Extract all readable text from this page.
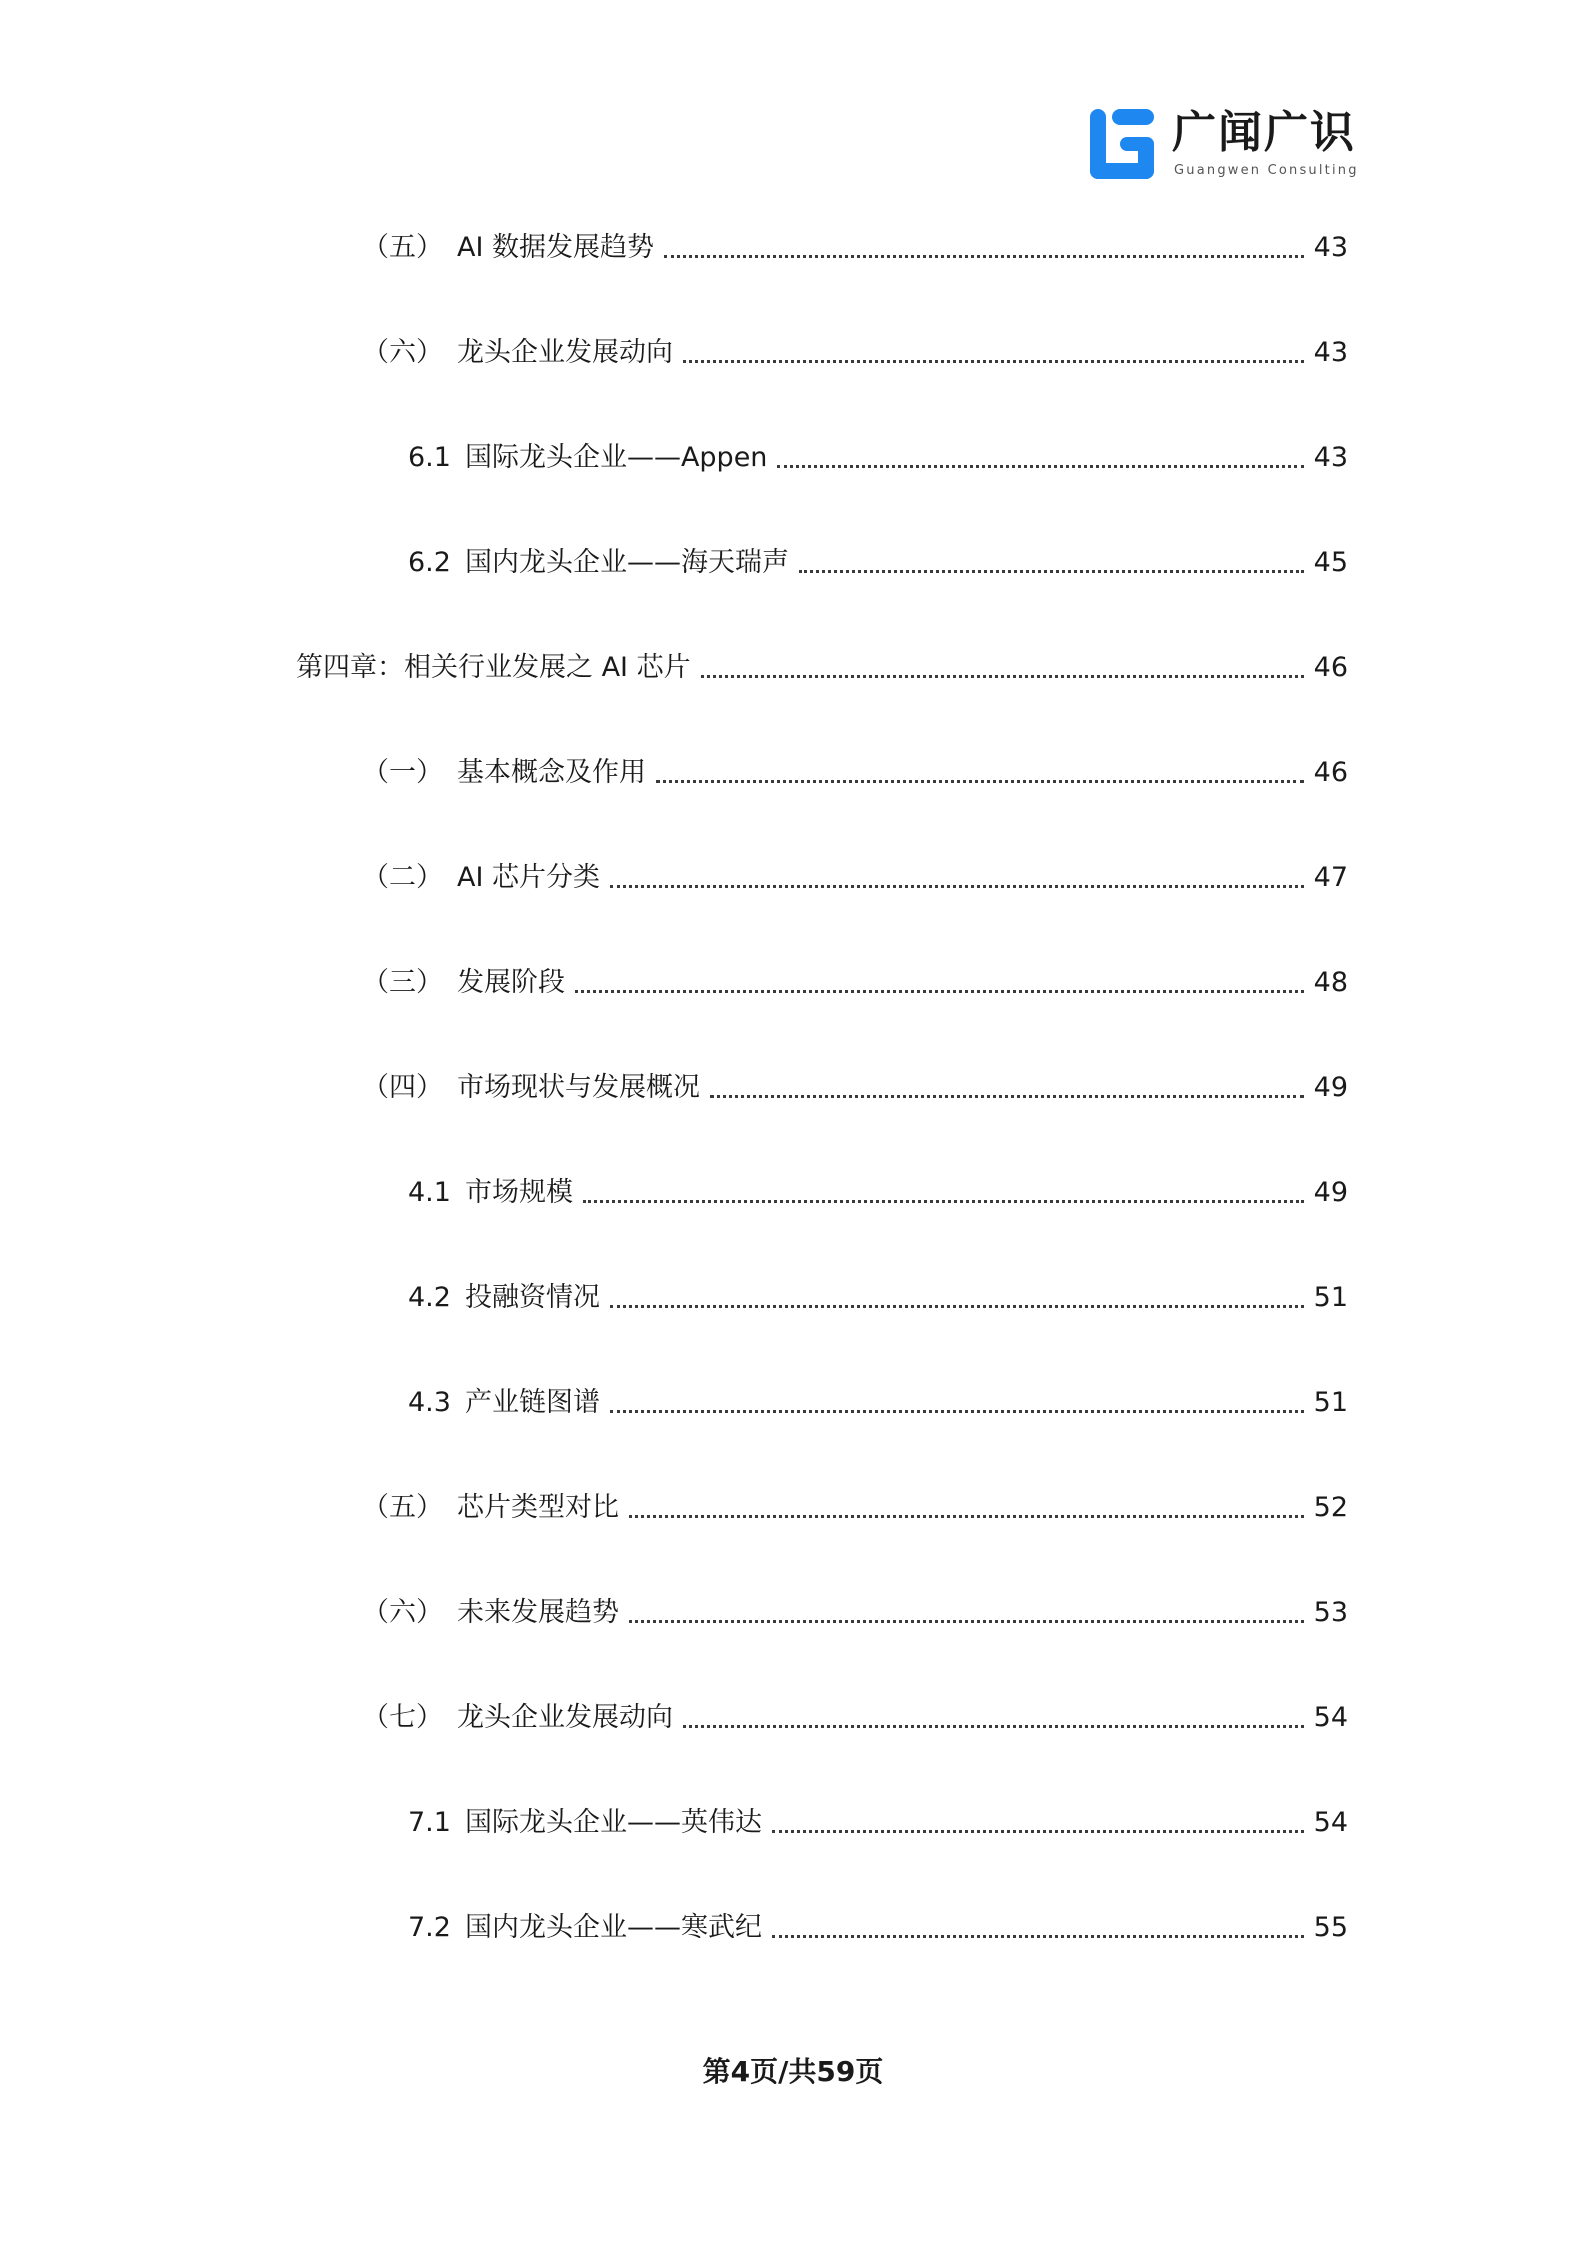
广闻广识
Guangwen Consulting
（五） AI 数据发展趋势	43
（六） 龙头企业发展动向	43
6.1 国际龙头企业——Appen	43
6.2 国内龙头企业——海天瑞声	45
第四章：相关行业发展之 AI 芯片	46
（一） 基本概念及作用	46
（二） AI 芯片分类	47
（三） 发展阶段	48
（四） 市场现状与发展概况	49
4.1 市场规模	49
4.2 投融资情况	51
4.3 产业链图谱	51
（五） 芯片类型对比	52
（六） 未来发展趋势	53
（七） 龙头企业发展动向	54
7.1 国际龙头企业——英伟达	54
7.2 国内龙头企业——寒武纪	55
第4页/共59页
